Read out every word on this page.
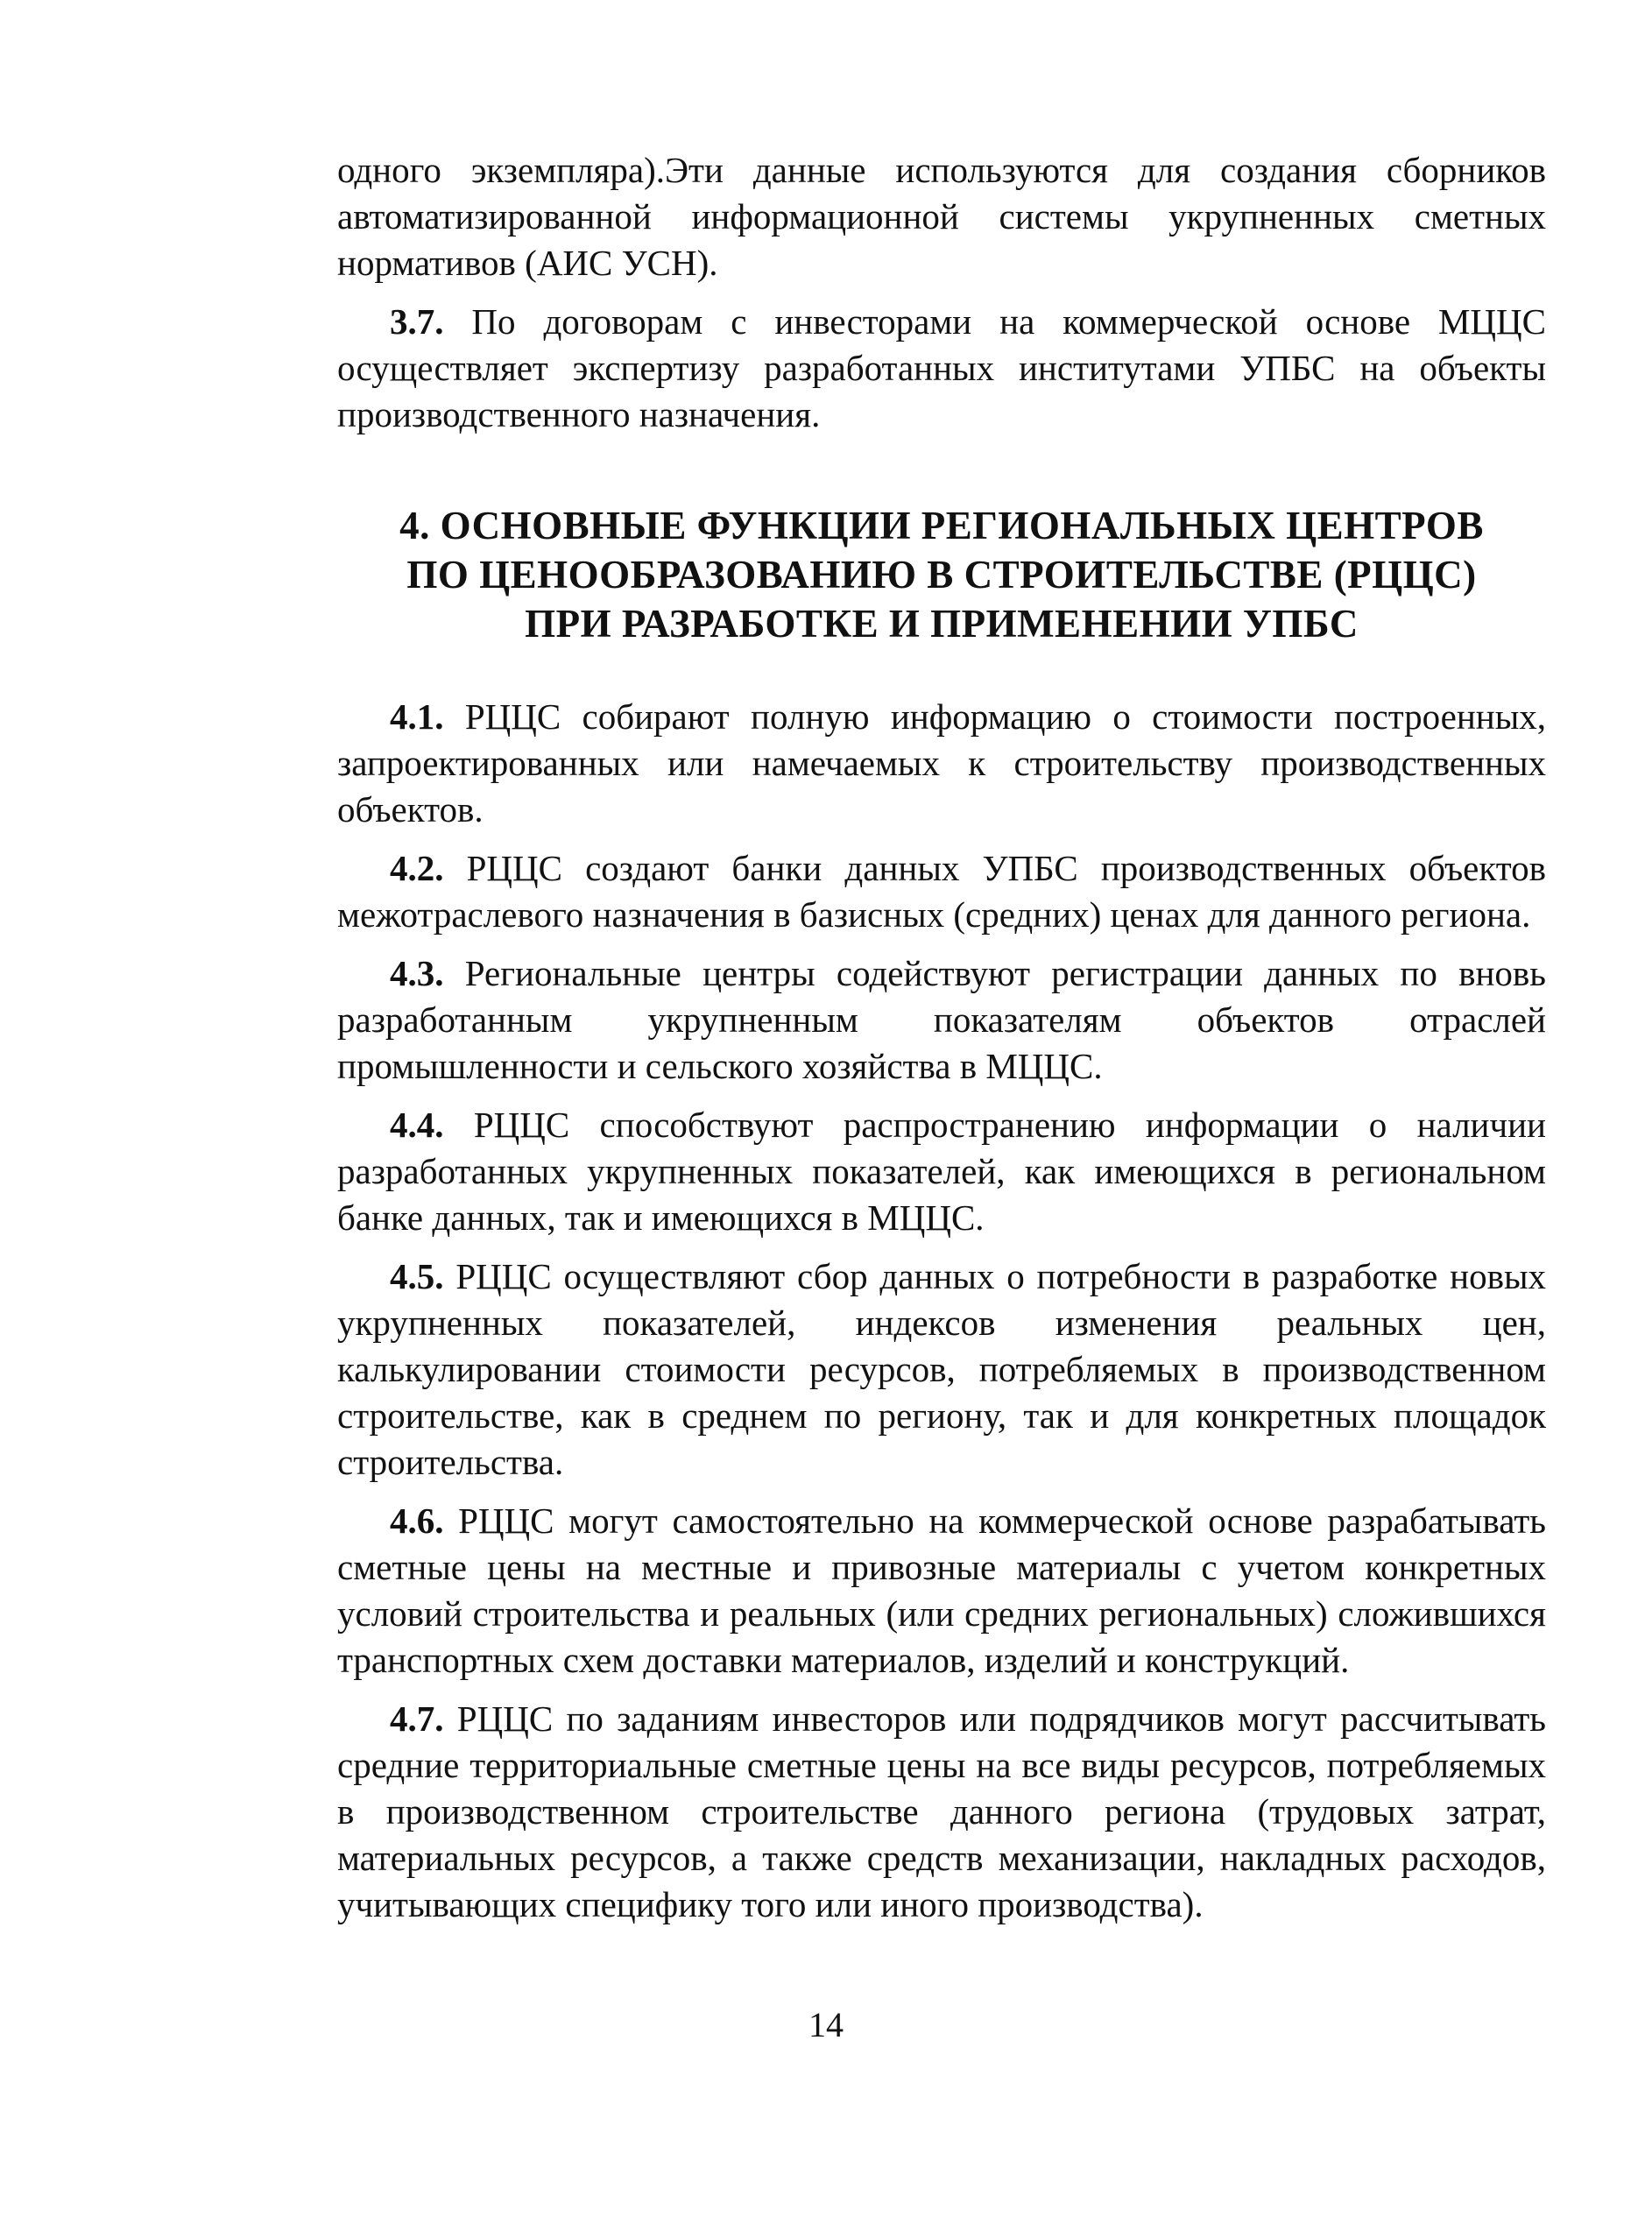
одного экземпляра).Эти данные используются для создания сборников автоматизированной информационной системы укрупненных сметных нормативов (АИС УСН).

3.7. По договорам с инвесторами на коммерческой основе МЦЦС осуществляет экспертизу разработанных институтами УПБС на объекты производственного назначения.

4. ОСНОВНЫЕ ФУНКЦИИ РЕГИОНАЛЬНЫХ ЦЕНТРОВ
ПО ЦЕНООБРАЗОВАНИЮ В СТРОИТЕЛЬСТВЕ (РЦЦС)
ПРИ РАЗРАБОТКЕ И ПРИМЕНЕНИИ УПБС

4.1. РЦЦС собирают полную информацию о стоимости построенных, запроектированных или намечаемых к строительству производственных объектов.

4.2. РЦЦС создают банки данных УПБС производственных объектов межотраслевого назначения в базисных (средних) ценах для данного региона.

4.3. Региональные центры содействуют регистрации данных по вновь разработанным укрупненным показателям объектов отраслей промышленности и сельского хозяйства в МЦЦС.

4.4. РЦЦС способствуют распространению информации о наличии разработанных укрупненных показателей, как имеющихся в региональном банке данных, так и имеющихся в МЦЦС.

4.5. РЦЦС осуществляют сбор данных о потребности в разработке новых укрупненных показателей, индексов изменения реальных цен, калькулировании стоимости ресурсов, потребляемых в производственном строительстве, как в среднем по региону, так и для конкретных площадок строительства.

4.6. РЦЦС могут самостоятельно на коммерческой основе разрабатывать сметные цены на местные и привозные материалы с учетом конкретных условий строительства и реальных (или средних региональных) сложившихся транспортных схем доставки материалов, изделий и конструкций.

4.7. РЦЦС по заданиям инвесторов или подрядчиков могут рассчитывать средние территориальные сметные цены на все виды ресурсов, потребляемых в производственном строительстве данного региона (трудовых затрат, материальных ресурсов, а также средств механизации, накладных расходов, учитывающих специфику того или иного производства).

14
